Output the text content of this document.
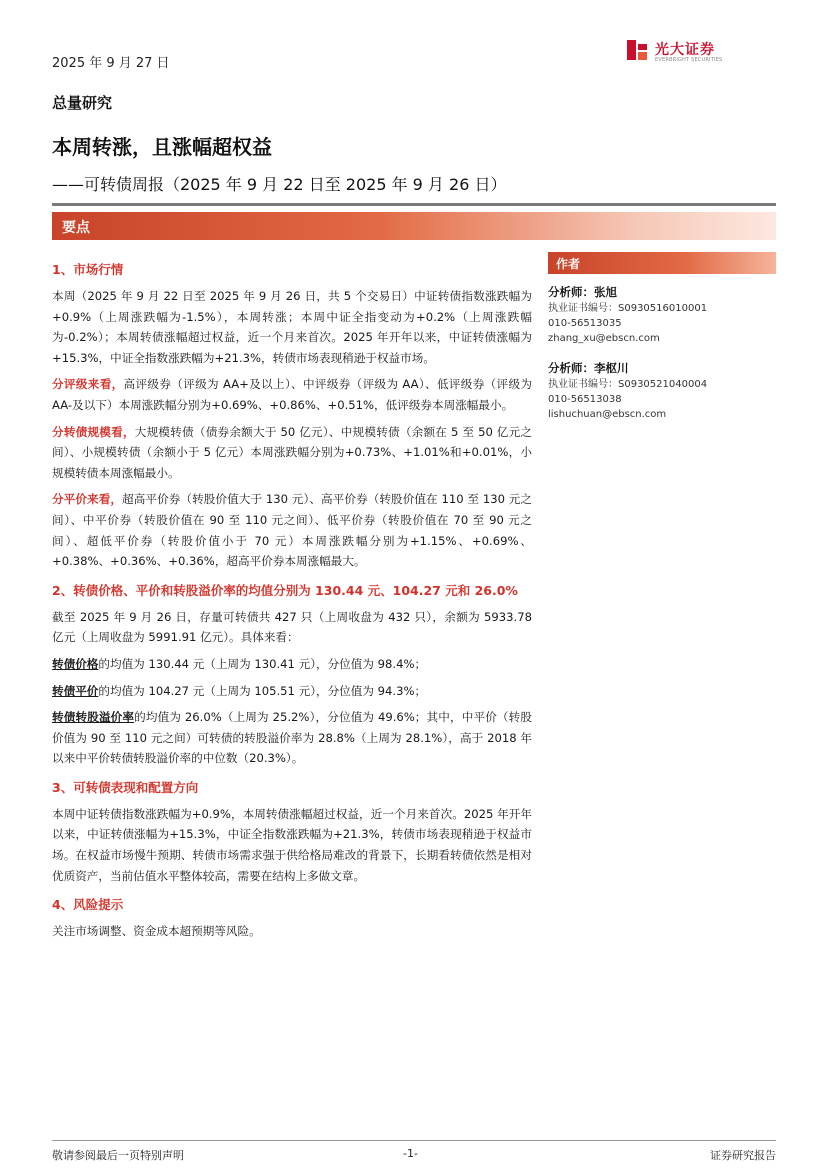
2025 年 9 月 27 日
光大证券
EVERBRIGHT SECURITIES
总量研究
本周转涨，且涨幅超权益
——可转债周报（2025 年 9 月 22 日至 2025 年 9 月 26 日）
要点

1、市场行情

本周（2025 年 9 月 22 日至 2025 年 9 月 26 日，共 5 个交易日）中证转债指数涨跌幅为+0.9%（上周涨跌幅为-1.5%），本周转涨；本周中证全指变动为+0.2%（上周涨跌幅为-0.2%）；本周转债涨幅超过权益，近一个月来首次。2025 年开年以来，中证转债涨幅为+15.3%，中证全指数涨跌幅为+21.3%，转债市场表现稍逊于权益市场。

分评级来看，高评级券（评级为 AA+及以上）、中评级券（评级为 AA）、低评级券（评级为 AA-及以下）本周涨跌幅分别为+0.69%、+0.86%、+0.51%，低评级券本周涨幅最小。

分转债规模看，大规模转债（债券余额大于 50 亿元）、中规模转债（余额在 5 至 50 亿元之间）、小规模转债（余额小于 5 亿元）本周涨跌幅分别为+0.73%、+1.01%和+0.01%，小规模转债本周涨幅最小。

分平价来看，超高平价券（转股价值大于 130 元）、高平价券（转股价值在 110 至 130 元之间）、中平价券（转股价值在 90 至 110 元之间）、低平价券（转股价值在 70 至 90 元之间）、超低平价券（转股价值小于 70 元）本周涨跌幅分别为+1.15%、+0.69%、+0.38%、+0.36%、+0.36%，超高平价券本周涨幅最大。

2、转债价格、平价和转股溢价率的均值分别为 130.44 元、104.27 元和 26.0%

截至 2025 年 9 月 26 日，存量可转债共 427 只（上周收盘为 432 只），余额为 5933.78 亿元（上周收盘为 5991.91 亿元）。具体来看：

转债价格的均值为 130.44 元（上周为 130.41 元），分位值为 98.4%；

转债平价的均值为 104.27 元（上周为 105.51 元），分位值为 94.3%；

转债转股溢价率的均值为 26.0%（上周为 25.2%），分位值为 49.6%；其中，中平价（转股价值为 90 至 110 元之间）可转债的转股溢价率为 28.8%（上周为 28.1%），高于 2018 年以来中平价转债转股溢价率的中位数（20.3%）。

3、可转债表现和配置方向

本周中证转债指数涨跌幅为+0.9%，本周转债涨幅超过权益，近一个月来首次。2025 年开年以来，中证转债涨幅为+15.3%，中证全指数涨跌幅为+21.3%，转债市场表现稍逊于权益市场。在权益市场慢牛预期、转债市场需求强于供给格局难改的背景下，长期看转债依然是相对优质资产，当前估值水平整体较高，需要在结构上多做文章。

4、风险提示

关注市场调整、资金成本超预期等风险。

作者
分析师：张旭
执业证书编号：S0930516010001
010-56513035
zhang_xu@ebscn.com
分析师：李枢川
执业证书编号：S0930521040004
010-56513038
lishuchuan@ebscn.com
敬请参阅最后一页特别声明	-1-	证券研究报告
